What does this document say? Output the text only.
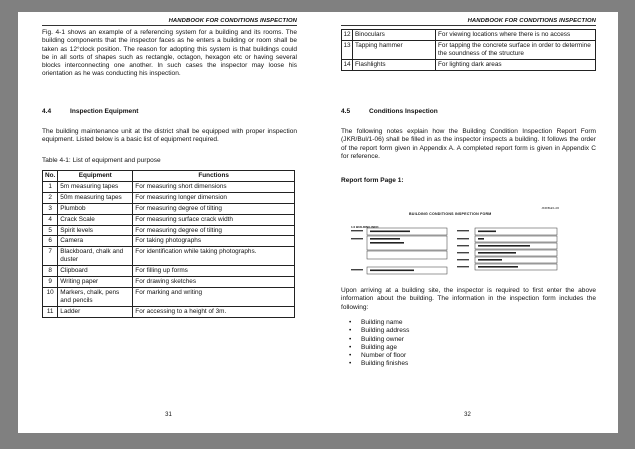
HANDBOOK FOR CONDITIONS INSPECTION

Fig. 4-1 shows an example of a referencing system for a building and its rooms. The building components that the inspector faces as he enters a building or room shall be taken as 12°clock position. The reason for adopting this system is that buildings could be in all sorts of shapes such as rectangle, octagon, hexagon etc or having several blocks interconnecting one another. In such cases the inspector may loose his orientation as he was conducting his inspection.

4.4	Inspection Equipment

The building maintenance unit at the district shall be equipped with proper inspection equipment. Listed below is a basic list of equipment required.

Table 4-1: List of equipment and purpose

No.	Equipment	Functions
1	5m measuring tapes	For measuring short dimensions
2	50m measuring tapes	For measuring longer dimension
3	Plumbob	For measuring degree of tilting
4	Crack Scale	For measuring surface crack width
5	Spirit levels	For measuring degree of tilting
6	Camera	For taking photographs
7	Blackboard, chalk and duster	For identification while taking photographs.
8	Clipboard	For filling up forms
9	Writing paper	For drawing sketches
10	Markers, chalk, pens and pencils	For marking and writing
11	Ladder	For accessing to a height of 3m.
31
HANDBOOK FOR CONDITIONS INSPECTION
12	Binoculars	For viewing locations where there is no access
13	Tapping hammer	For tapping the concrete surface in order to determine the soundness of the structure
14	Flashlights	For lighting dark areas

4.5	Conditions Inspection

The following notes explain how the Building Condition Inspection Report Form (JKR/Bul/1-06) shall be filled in as the inspector inspects a building. It follows the order of the report form given in Appendix A. A completed report form is given in Appendix C for reference.

Report form Page 1:

JKR/Bul/1-06
BUILDING CONDITIONS INSPECTION FORM
1.0 BUILDING INFO

Upon arriving at a building site, the inspector is required to first enter the above information about the building. The information in the inspection form includes the following:

• Building name
• Building address
• Building owner
• Building age
• Number of floor
• Building finishes
32
